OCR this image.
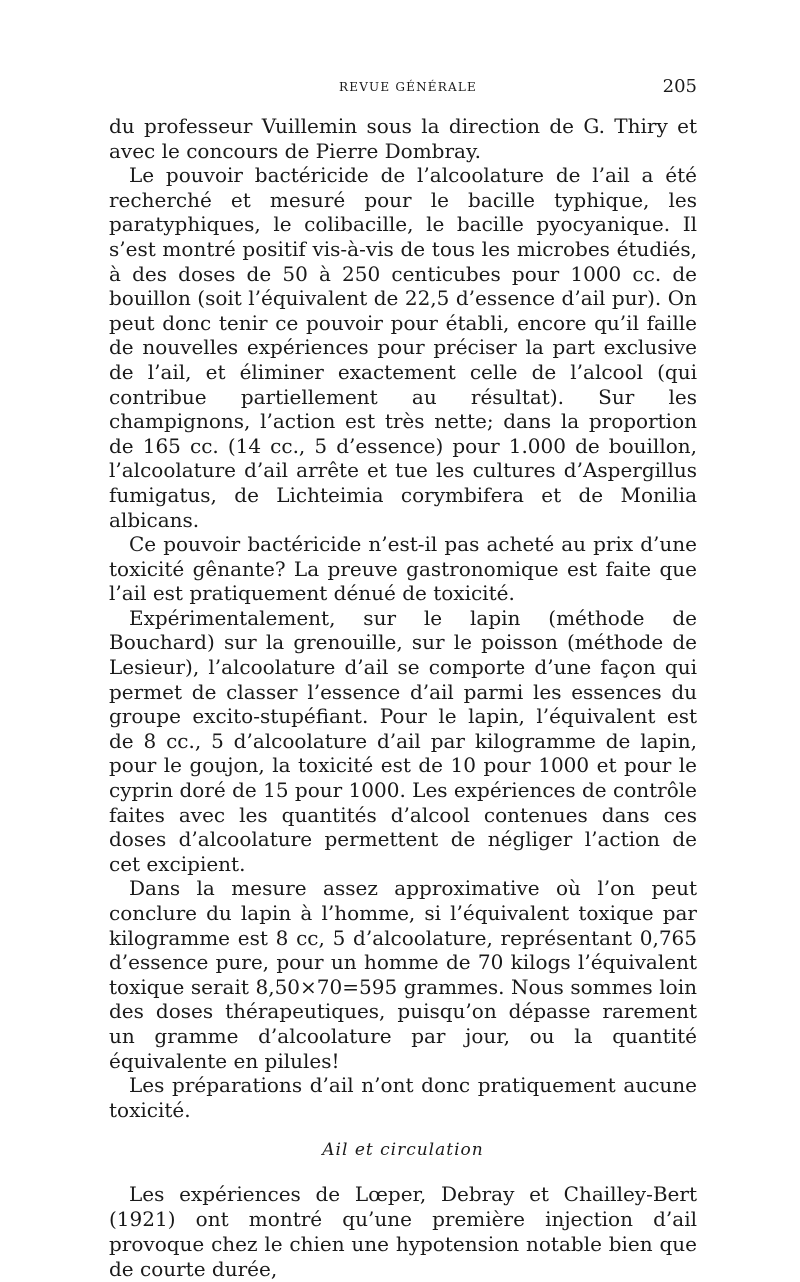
REVUE GÉNÉRALE	205

du professeur Vuillemin sous la direction de G. Thiry et avec le concours de Pierre Dombray.

Le pouvoir bactéricide de l’alcoolature de l’ail a été recherché et mesuré pour le bacille typhique, les paratyphiques, le colibacille, le bacille pyocyanique. Il s’est montré positif vis-à-vis de tous les microbes étudiés, à des doses de 50 à 250 centicubes pour 1000 cc. de bouillon (soit l’équivalent de 22,5 d’essence d’ail pur). On peut donc tenir ce pouvoir pour établi, encore qu’il faille de nouvelles expériences pour préciser la part exclusive de l’ail, et éliminer exactement celle de l’alcool (qui contribue partiellement au résultat). Sur les champignons, l’action est très nette; dans la proportion de 165 cc. (14 cc., 5 d’essence) pour 1.000 de bouillon, l’alcoolature d’ail arrête et tue les cultures d’Aspergillus fumigatus, de Lichteimia corymbifera et de Monilia albicans.

Ce pouvoir bactéricide n’est-il pas acheté au prix d’une toxicité gênante? La preuve gastronomique est faite que l’ail est pratiquement dénué de toxicité.

Expérimentalement, sur le lapin (méthode de Bouchard) sur la grenouille, sur le poisson (méthode de Lesieur), l’alcoolature d’ail se comporte d’une façon qui permet de classer l’essence d’ail parmi les essences du groupe excito-stupéfiant. Pour le lapin, l’équivalent est de 8 cc., 5 d’alcoolature d’ail par kilogramme de lapin, pour le goujon, la toxicité est de 10 pour 1000 et pour le cyprin doré de 15 pour 1000. Les expériences de contrôle faites avec les quantités d’alcool contenues dans ces doses d’alcoolature permettent de négliger l’action de cet excipient.

Dans la mesure assez approximative où l’on peut conclure du lapin à l’homme, si l’équivalent toxique par kilogramme est 8 cc, 5 d’alcoolature, représentant 0,765 d’essence pure, pour un homme de 70 kilogs l’équivalent toxique serait 8,50×70=595 grammes. Nous sommes loin des doses thérapeutiques, puisqu’on dépasse rarement un gramme d’alcoolature par jour, ou la quantité équivalente en pilules!

Les préparations d’ail n’ont donc pratiquement aucune toxicité.

Ail et circulation

Les expériences de Lœper, Debray et Chailley-Bert (1921) ont montré qu’une première injection d’ail provoque chez le chien une hypotension notable bien que de courte durée,
